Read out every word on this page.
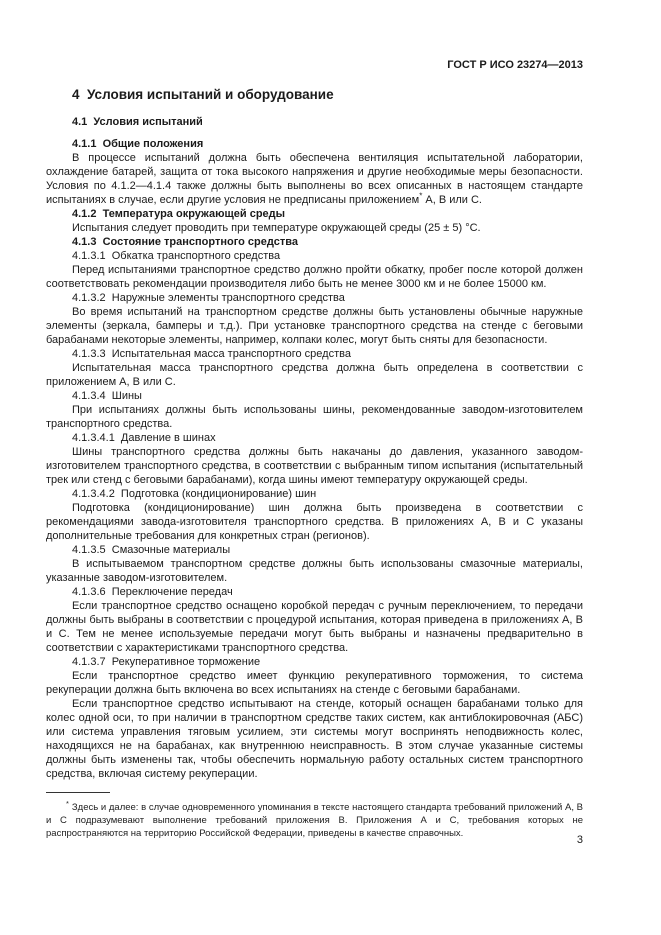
ГОСТ Р ИСО 23274—2013
4  Условия испытаний и оборудование
4.1  Условия испытаний
4.1.1  Общие положения

В процессе испытаний должна быть обеспечена вентиляция испытательной лаборатории, охлаждение батарей, защита от тока высокого напряжения и другие необходимые меры безопасности. Условия по 4.1.2—4.1.4 также должны быть выполнены во всех описанных в настоящем стандарте испытаниях в случае, если другие условия не предписаны приложением* А, В или С.

4.1.2  Температура окружающей среды

Испытания следует проводить при температуре окружающей среды (25 ± 5) °С.

4.1.3  Состояние транспортного средства
4.1.3.1  Обкатка транспортного средства

Перед испытаниями транспортное средство должно пройти обкатку, пробег после которой должен соответствовать рекомендации производителя либо быть не менее 3000 км и не более 15000 км.

4.1.3.2  Наружные элементы транспортного средства

Во время испытаний на транспортном средстве должны быть установлены обычные наружные элементы (зеркала, бамперы и т.д.). При установке транспортного средства на стенде с беговыми барабанами некоторые элементы, например, колпаки колес, могут быть сняты для безопасности.

4.1.3.3  Испытательная масса транспортного средства

Испытательная масса транспортного средства должна быть определена в соответствии с приложением А, В или С.

4.1.3.4  Шины

При испытаниях должны быть использованы шины, рекомендованные заводом-изготовителем транспортного средства.

4.1.3.4.1  Давление в шинах

Шины транспортного средства должны быть накачаны до давления, указанного заводом-изготовителем транспортного средства, в соответствии с выбранным типом испытания (испытательный трек или стенд с беговыми барабанами), когда шины имеют температуру окружающей среды.

4.1.3.4.2  Подготовка (кондиционирование) шин

Подготовка (кондиционирование) шин должна быть произведена в соответствии с рекомендациями завода-изготовителя транспортного средства. В приложениях А, В и С указаны дополнительные требования для конкретных стран (регионов).

4.1.3.5  Смазочные материалы

В испытываемом транспортном средстве должны быть использованы смазочные материалы, указанные заводом-изготовителем.

4.1.3.6  Переключение передач

Если транспортное средство оснащено коробкой передач с ручным переключением, то передачи должны быть выбраны в соответствии с процедурой испытания, которая приведена в приложениях А, В и С. Тем не менее используемые передачи могут быть выбраны и назначены предварительно в соответствии с характеристиками транспортного средства.

4.1.3.7  Рекуперативное торможение

Если транспортное средство имеет функцию рекуперативного торможения, то система рекуперации должна быть включена во всех испытаниях на стенде с беговыми барабанами.

Если транспортное средство испытывают на стенде, который оснащен барабанами только для колес одной оси, то при наличии в транспортном средстве таких систем, как антиблокировочная (АБС) или система управления тяговым усилием, эти системы могут воспринять неподвижность колес, находящихся не на барабанах, как внутреннюю неисправность. В этом случае указанные системы должны быть изменены так, чтобы обеспечить нормальную работу остальных систем транспортного средства, включая систему рекуперации.

* Здесь и далее: в случае одновременного упоминания в тексте настоящего стандарта требований приложений А, В и С подразумевают выполнение требований приложения В. Приложения А и С, требования которых не распространяются на территорию Российской Федерации, приведены в качестве справочных.

3
